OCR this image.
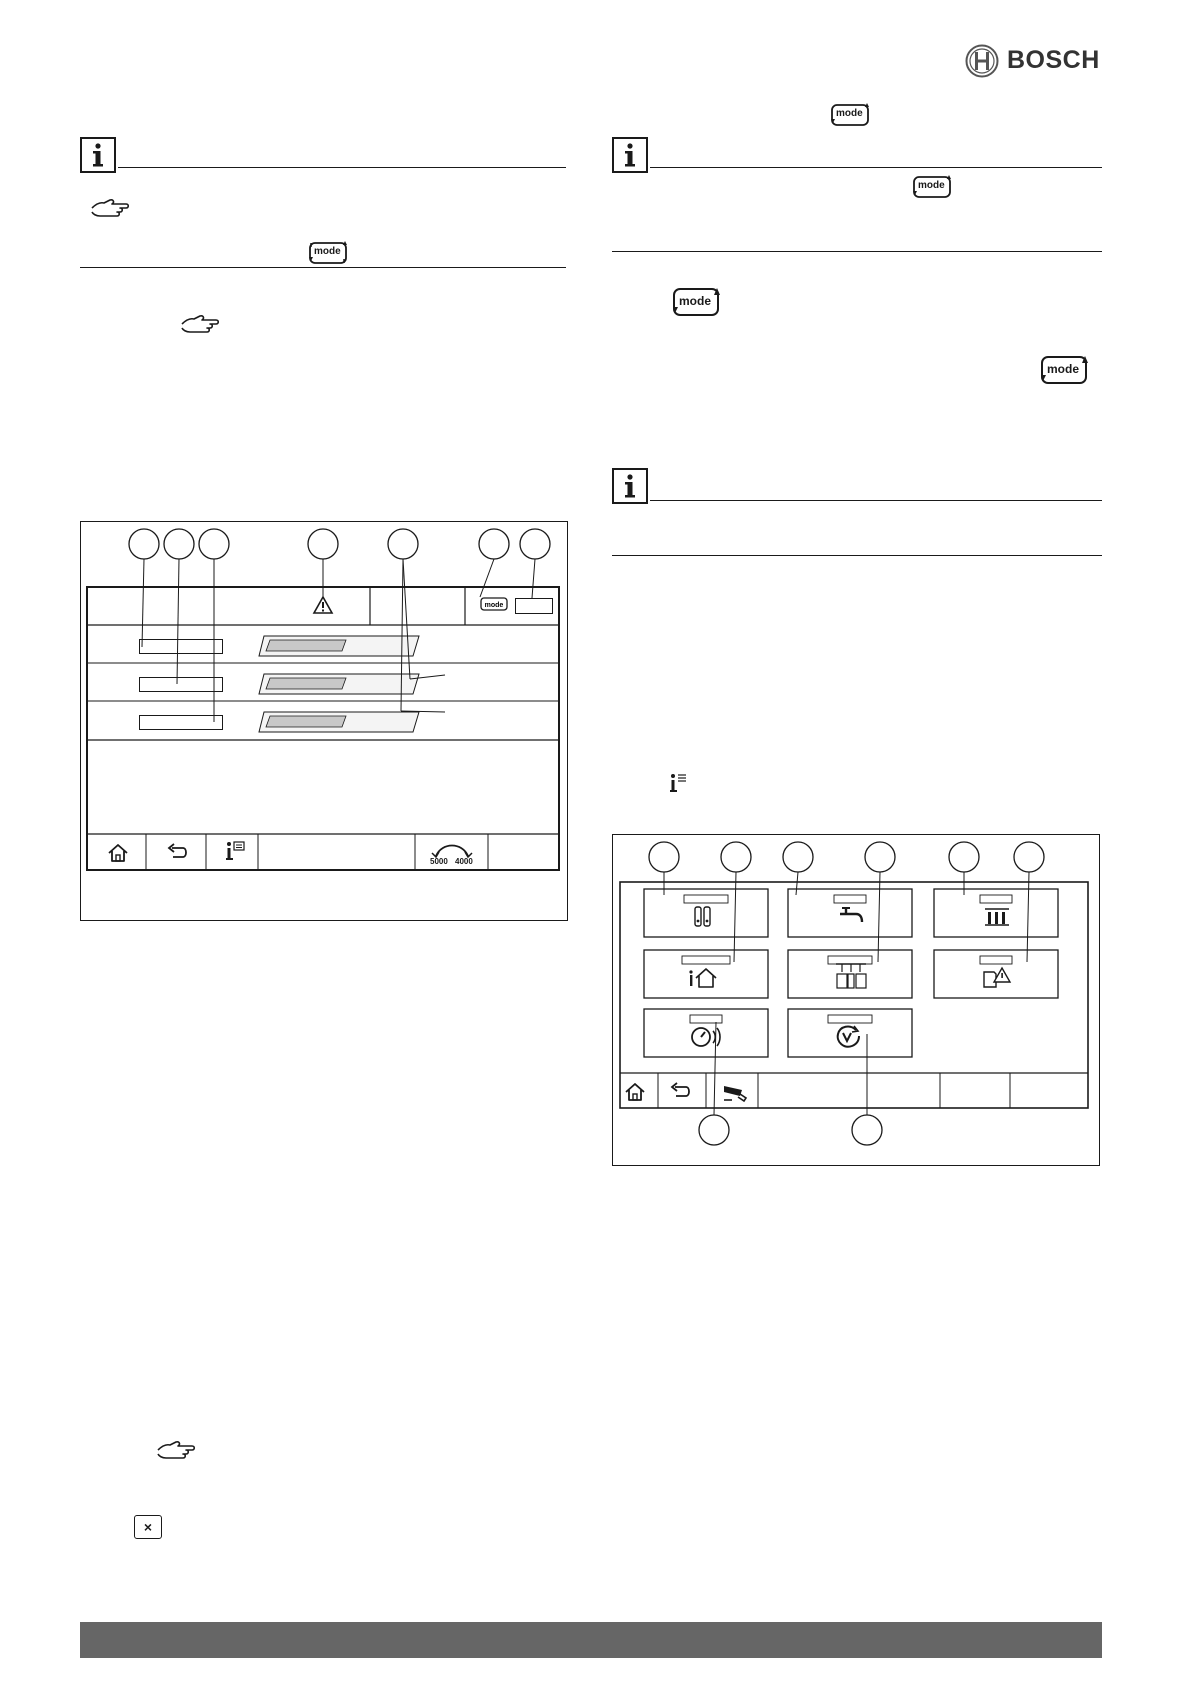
BOSCH
mode
mode
5000 4000
×
mode
mode
mode
mode
